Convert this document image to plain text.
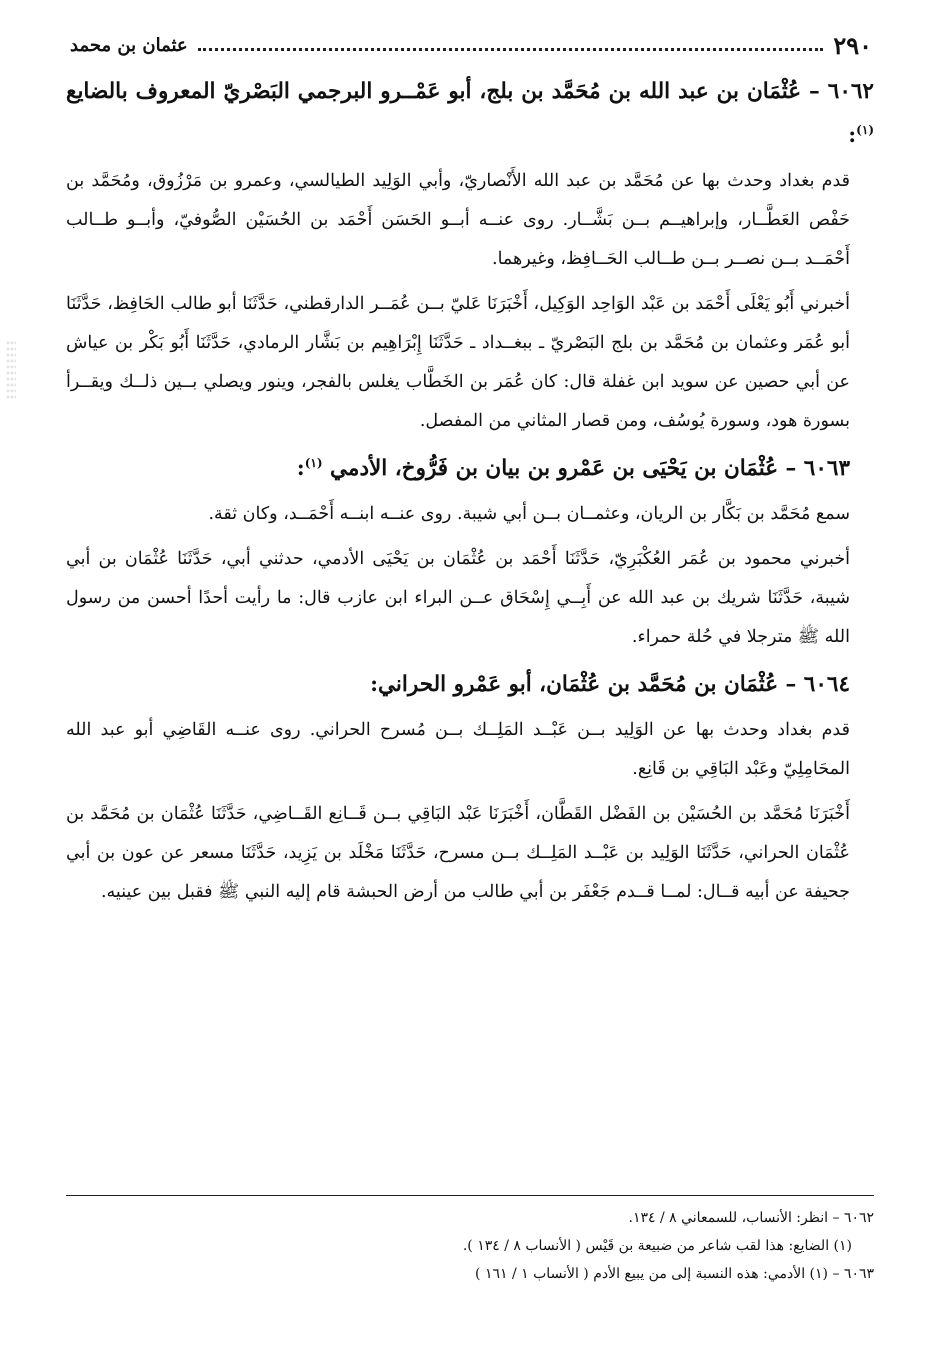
٢٩٠
عثمان بن محمد
٦٠٦٢ – عُثْمَان بن عبد الله بن مُحَمَّد بن بلج، أبو عَمْــرو البرجمي البَصْريّ المعروف بالضايع $^{(١)}$:

قدم بغداد وحدث بها عن مُحَمَّد بن عبد الله الأَنْصاريّ، وأبي الوَلِيد الطيالسي، وعمرو بن مَرْزُوق، ومُحَمَّد بن حَفْص العَطَّــار، وإبراهيــم بــن بَشَّــار. روى عنــه أبــو الحَسَن أَحْمَد بن الحُسَيْن الصُّوفيّ، وأبــو طــالب أَحْمَــد بــن نصــر بــن طــالب الحَــافِظ، وغيرهما.

أخبرني أَبُو يَعْلَى أَحْمَد بن عَبْد الوَاحِد الوَكِيل، أَخْبَرَنَا عَليّ بــن عُمَــر الدارقطني، حَدَّثَنَا أبو طالب الحَافِظ، حَدَّثَنَا أبو عُمَر وعثمان بن مُحَمَّد بن بلج البَصْريّ ـ ببغــداد ـ حَدَّثَنَا إِبْرَاهِيم بن بَشَّار الرمادي، حَدَّثَنَا أَبُو بَكْر بن عياش عن أبي حصين عن سويد ابن غفلة قال: كان عُمَر بن الخَطَّاب يغلس بالفجر، وينور ويصلي بــين ذلــك ويقــرأ بسورة هود، وسورة يُوسُف، ومن قصار المثاني من المفصل.

٦٠٦٣ – عُثْمَان بن يَحْيَى بن عَمْرو بن بيان بن فَرُّوخ، الأدمي $^{(١)}$:

سمع مُحَمَّد بن بَكَّار بن الريان، وعثمــان بــن أبي شيبة. روى عنــه ابنــه أَحْمَــد، وكان ثقة.

أخبرني محمود بن عُمَر العُكْبَرِيّ، حَدَّثَنَا أَحْمَد بن عُثْمَان بن يَحْيَى الأدمي، حدثني أبي، حَدَّثَنَا عُثْمَان بن أبي شيبة، حَدَّثَنَا شريك بن عبد الله عن أَبِــي إِسْحَاق عــن البراء ابن عازب قال: ما رأيت أحدًا أحسن من رسول الله ﷺ مترجلا في حُلة حمراء.

٦٠٦٤ – عُثْمَان بن مُحَمَّد بن عُثْمَان، أبو عَمْرو الحراني:

قدم بغداد وحدث بها عن الوَلِيد بــن عَبْــد المَلِــك بــن مُسرح الحراني. روى عنــه القَاضِي أبو عبد الله المحَامِلِيّ وعَبْد البَاقِي بن قَانِع.

أَخْبَرَنَا مُحَمَّد بن الحُسَيْن بن الفَضْل القَطَّان، أَخْبَرَنَا عَبْد البَاقِي بــن قَــانِع القَــاضِي، حَدَّثَنَا عُثْمَان بن مُحَمَّد بن عُثْمَان الحراني، حَدَّثَنَا الوَلِيد بن عَبْــد المَلِــك بــن مسرح، حَدَّثَنَا مَخْلَد بن يَزِيد، حَدَّثَنَا مسعر عن عون بن أبي جحيفة عن أبيه قــال: لمــا قــدم جَعْفَر بن أبي طالب من أرض الحبشة قام إليه النبي ﷺ فقبل بين عينيه.

٦٠٦٢ – انظر: الأنساب، للسمعاني ٨ / ١٣٤.

(١) الضايع: هذا لقب شاعر من ضبيعة بن قَيْس ( الأنساب ٨ / ١٣٤ ).

٦٠٦٣ – (١) الأدمي: هذه النسبة إلى من يبيع الأدم ( الأنساب ١ / ١٦١ )
